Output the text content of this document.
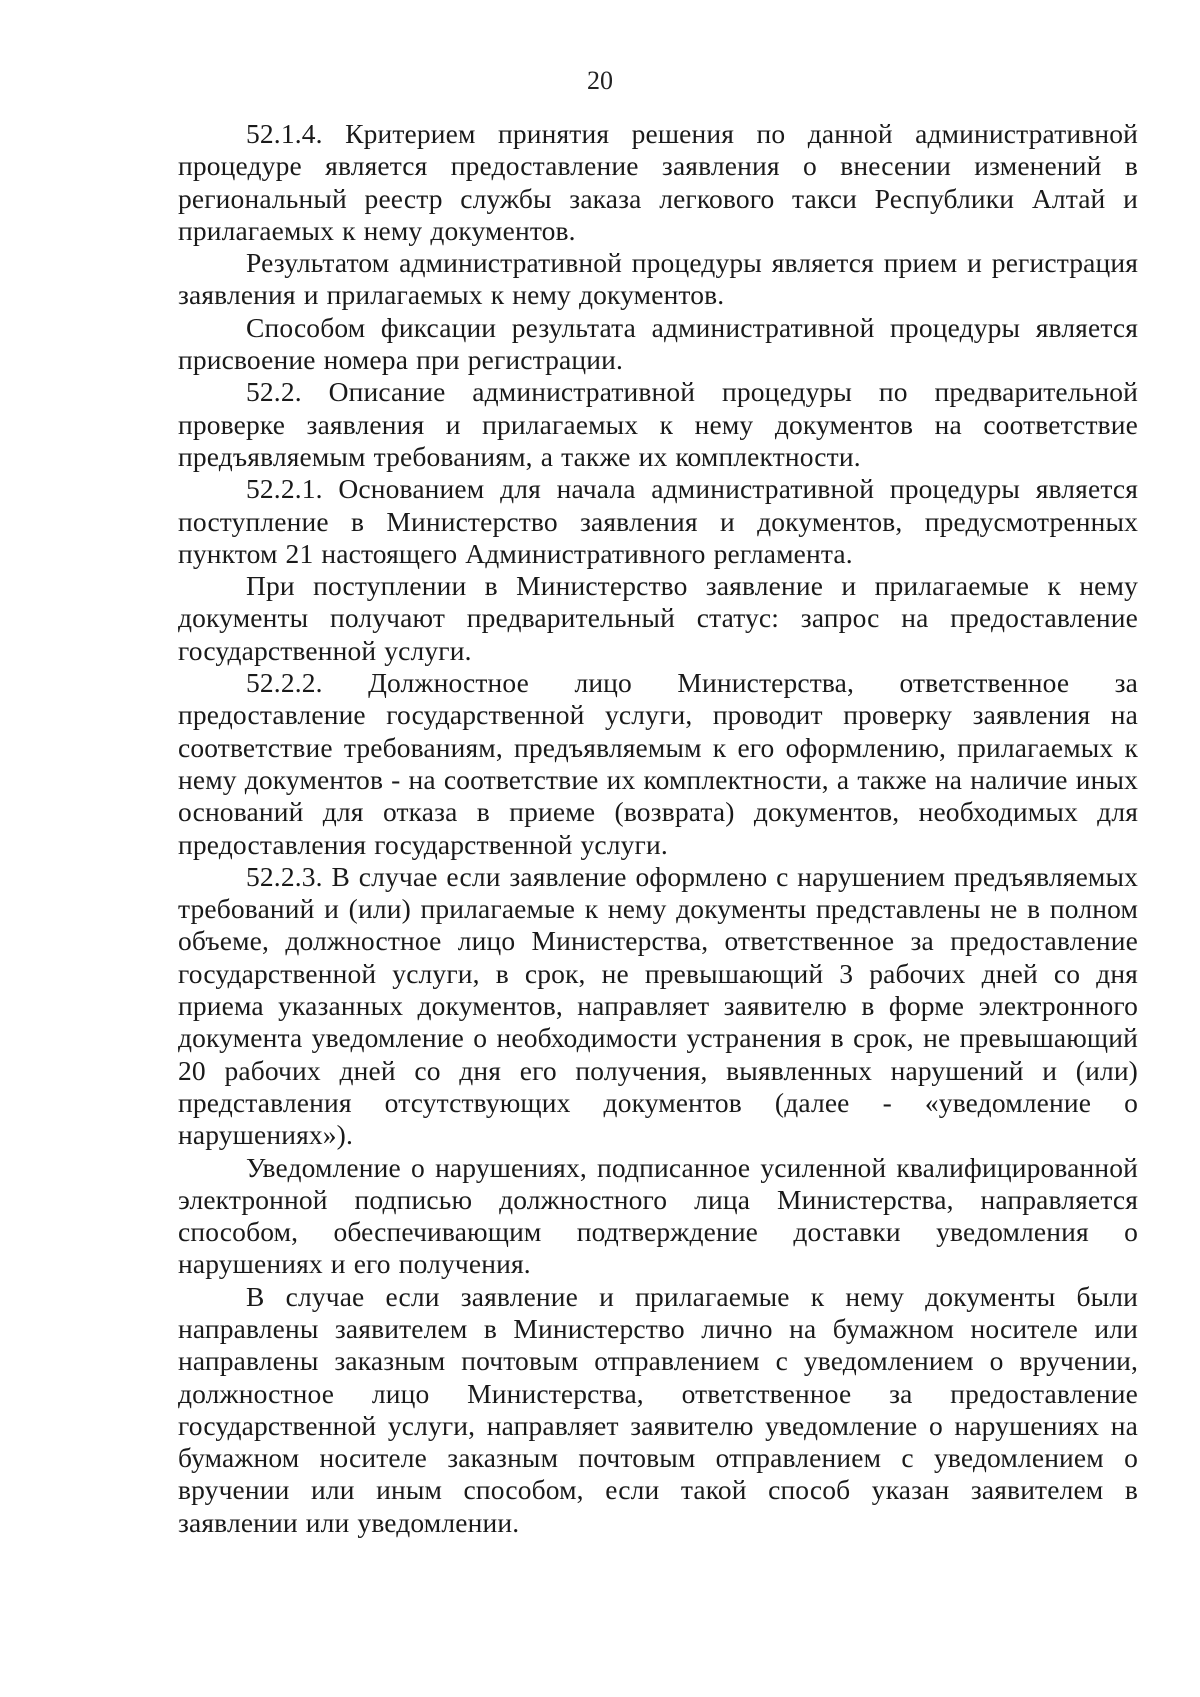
20

52.1.4. Критерием принятия решения по данной административной процедуре является предоставление заявления о внесении изменений в региональный реестр службы заказа легкового такси Республики Алтай и прилагаемых к нему документов.

Результатом административной процедуры является прием и регистрация заявления и прилагаемых к нему документов.

Способом фиксации результата административной процедуры является присвоение номера при регистрации.

52.2. Описание административной процедуры по предварительной проверке заявления и прилагаемых к нему документов на соответствие предъявляемым требованиям, а также их комплектности.

52.2.1. Основанием для начала административной процедуры является поступление в Министерство заявления и документов, предусмотренных пунктом 21 настоящего Административного регламента.

При поступлении в Министерство заявление и прилагаемые к нему документы получают предварительный статус: запрос на предоставление государственной услуги.

52.2.2. Должностное лицо Министерства, ответственное за предоставление государственной услуги, проводит проверку заявления на соответствие требованиям, предъявляемым к его оформлению, прилагаемых к нему документов - на соответствие их комплектности, а также на наличие иных оснований для отказа в приеме (возврата) документов, необходимых для предоставления государственной услуги.

52.2.3. В случае если заявление оформлено с нарушением предъявляемых требований и (или) прилагаемые к нему документы представлены не в полном объеме, должностное лицо Министерства, ответственное за предоставление государственной услуги, в срок, не превышающий 3 рабочих дней со дня приема указанных документов, направляет заявителю в форме электронного документа уведомление о необходимости устранения в срок, не превышающий 20 рабочих дней со дня его получения, выявленных нарушений и (или) представления отсутствующих документов (далее - «уведомление о нарушениях»).

Уведомление о нарушениях, подписанное усиленной квалифицированной электронной подписью должностного лица Министерства, направляется способом, обеспечивающим подтверждение доставки уведомления о нарушениях и его получения.

В случае если заявление и прилагаемые к нему документы были направлены заявителем в Министерство лично на бумажном носителе или направлены заказным почтовым отправлением с уведомлением о вручении, должностное лицо Министерства, ответственное за предоставление государственной услуги, направляет заявителю уведомление о нарушениях на бумажном носителе заказным почтовым отправлением с уведомлением о вручении или иным способом, если такой способ указан заявителем в заявлении или уведомлении.
